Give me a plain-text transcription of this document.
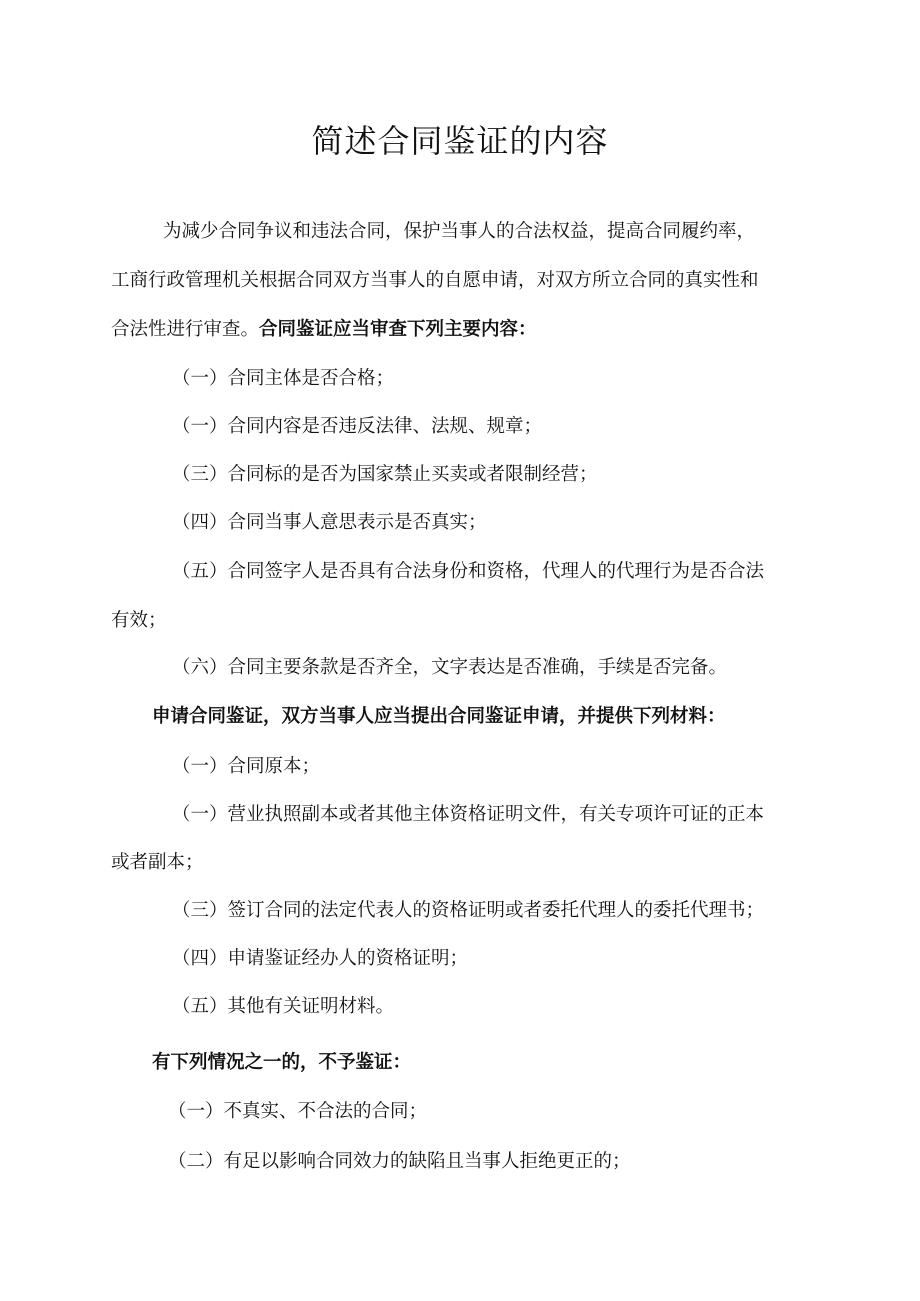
简述合同鉴证的内容
为减少合同争议和违法合同，保护当事人的合法权益，提高合同履约率，
工商行政管理机关根据合同双方当事人的自愿申请，对双方所立合同的真实性和
合法性进行审查。合同鉴证应当审查下列主要内容：
（一）合同主体是否合格；
（一）合同内容是否违反法律、法规、规章；
（三）合同标的是否为国家禁止买卖或者限制经营；
（四）合同当事人意思表示是否真实；
（五）合同签字人是否具有合法身份和资格，代理人的代理行为是否合法
有效；
（六）合同主要条款是否齐全，文字表达是否准确，手续是否完备。
申请合同鉴证，双方当事人应当提出合同鉴证申请，并提供下列材料：
（一）合同原本；
（一）营业执照副本或者其他主体资格证明文件，有关专项许可证的正本
或者副本；
（三）签订合同的法定代表人的资格证明或者委托代理人的委托代理书；
（四）申请鉴证经办人的资格证明；
（五）其他有关证明材料。
有下列情况之一的，不予鉴证：
（一）不真实、不合法的合同；
（二）有足以影响合同效力的缺陷且当事人拒绝更正的；
